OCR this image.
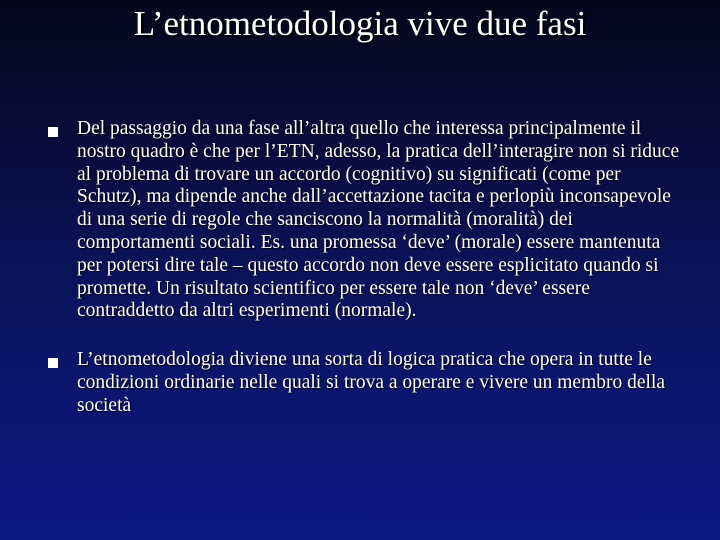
L’etnometodologia vive due fasi
Del passaggio da una fase all’altra quello che interessa principalmente il nostro quadro è che per l’ETN, adesso, la pratica dell’interagire non si riduce al problema di trovare un accordo (cognitivo) su significati (come per Schutz), ma dipende anche dall’accettazione tacita e perlopiù inconsapevole di una serie di regole che sanciscono la normalità (moralità) dei comportamenti sociali. Es. una promessa ‘deve’ (morale) essere mantenuta per potersi dire tale – questo accordo non deve essere esplicitato quando si promette. Un risultato scientifico per essere tale non ‘deve’ essere contraddetto da altri esperimenti (normale).
L’etnometodologia diviene una sorta di logica pratica che opera in tutte le condizioni ordinarie nelle quali si trova a operare e vivere un membro della società
